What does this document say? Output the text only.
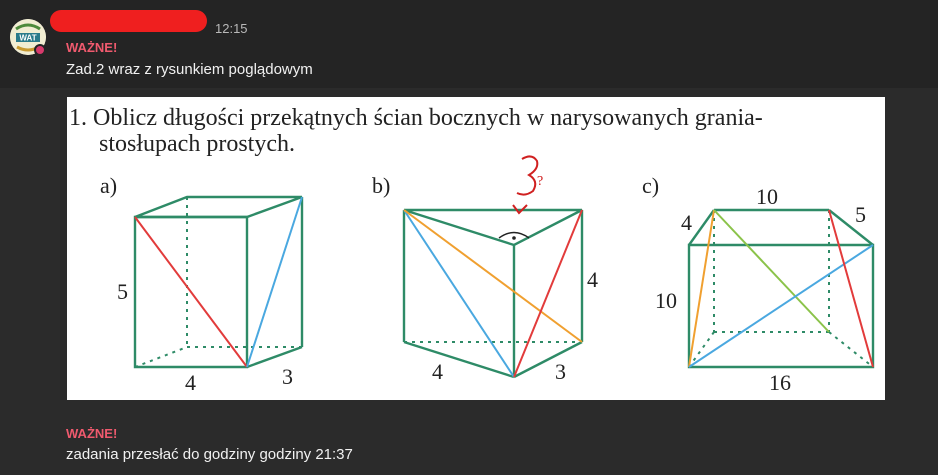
WAT
12:15
WAŻNE!
Zad.2 wraz z rysunkiem poglądowym
1. Oblicz długości przekątnych ścian bocznych w narysowanych grania-
stosłupach prostych.
a)
5
4	3
b)	?
4
4	3
c)	10
4	5
10
16
WAŻNE!
zadania przesłać do godziny godziny 21:37
